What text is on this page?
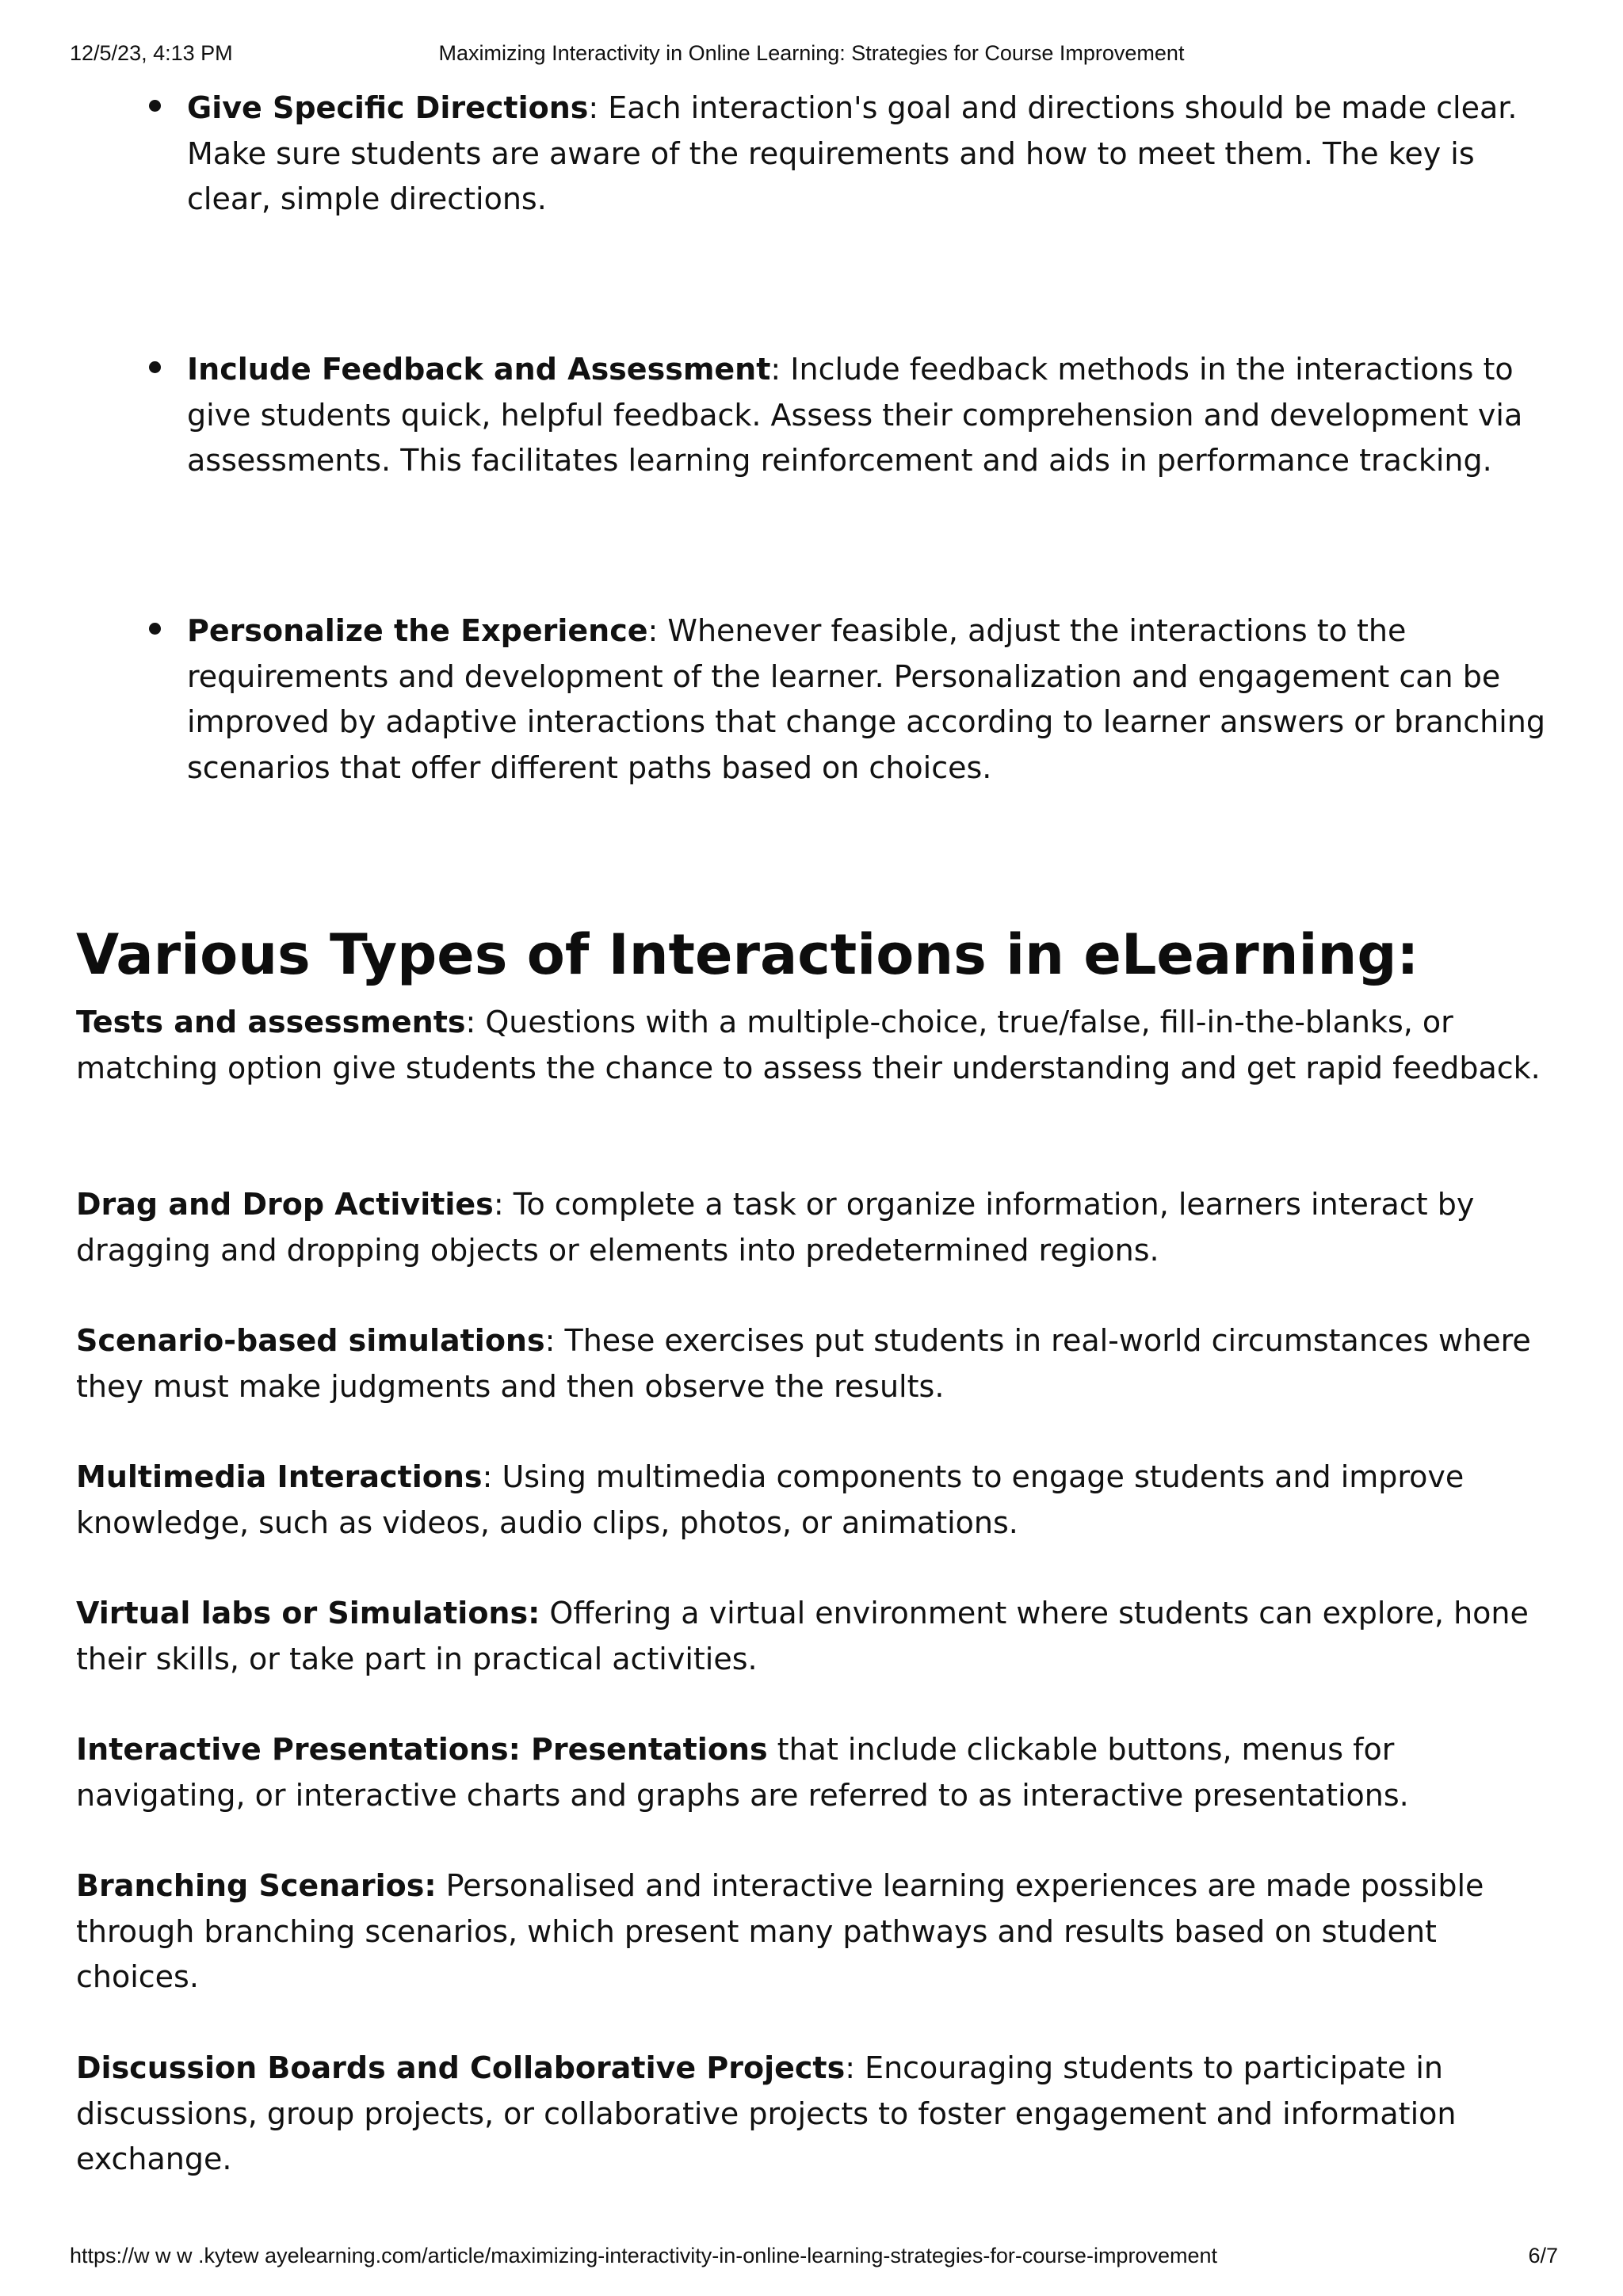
12/5/23, 4:13 PM	Maximizing Interactivity in Online Learning: Strategies for Course Improvement
Give Specific Directions: Each interaction's goal and directions should be made clear. Make sure students are aware of the requirements and how to meet them. The key is clear, simple directions.
Include Feedback and Assessment: Include feedback methods in the interactions to give students quick, helpful feedback. Assess their comprehension and development via assessments. This facilitates learning reinforcement and aids in performance tracking.
Personalize the Experience: Whenever feasible, adjust the interactions to the requirements and development of the learner. Personalization and engagement can be improved by adaptive interactions that change according to learner answers or branching scenarios that offer different paths based on choices.
Various Types of Interactions in eLearning:

Tests and assessments: Questions with a multiple-choice, true/false, fill-in-the-blanks, or matching option give students the chance to assess their understanding and get rapid feedback.

Drag and Drop Activities: To complete a task or organize information, learners interact by dragging and dropping objects or elements into predetermined regions.

Scenario-based simulations: These exercises put students in real-world circumstances where they must make judgments and then observe the results.

Multimedia Interactions: Using multimedia components to engage students and improve knowledge, such as videos, audio clips, photos, or animations.

Virtual labs or Simulations: Offering a virtual environment where students can explore, hone their skills, or take part in practical activities.

Interactive Presentations: Presentations that include clickable buttons, menus for navigating, or interactive charts and graphs are referred to as interactive presentations.

Branching Scenarios: Personalised and interactive learning experiences are made possible through branching scenarios, which present many pathways and results based on student choices.

Discussion Boards and Collaborative Projects: Encouraging students to participate in discussions, group projects, or collaborative projects to foster engagement and information exchange.

https://w w w .kytew ayelearning.com/article/maximizing-interactivity-in-online-learning-strategies-for-course-improvement	6/7
